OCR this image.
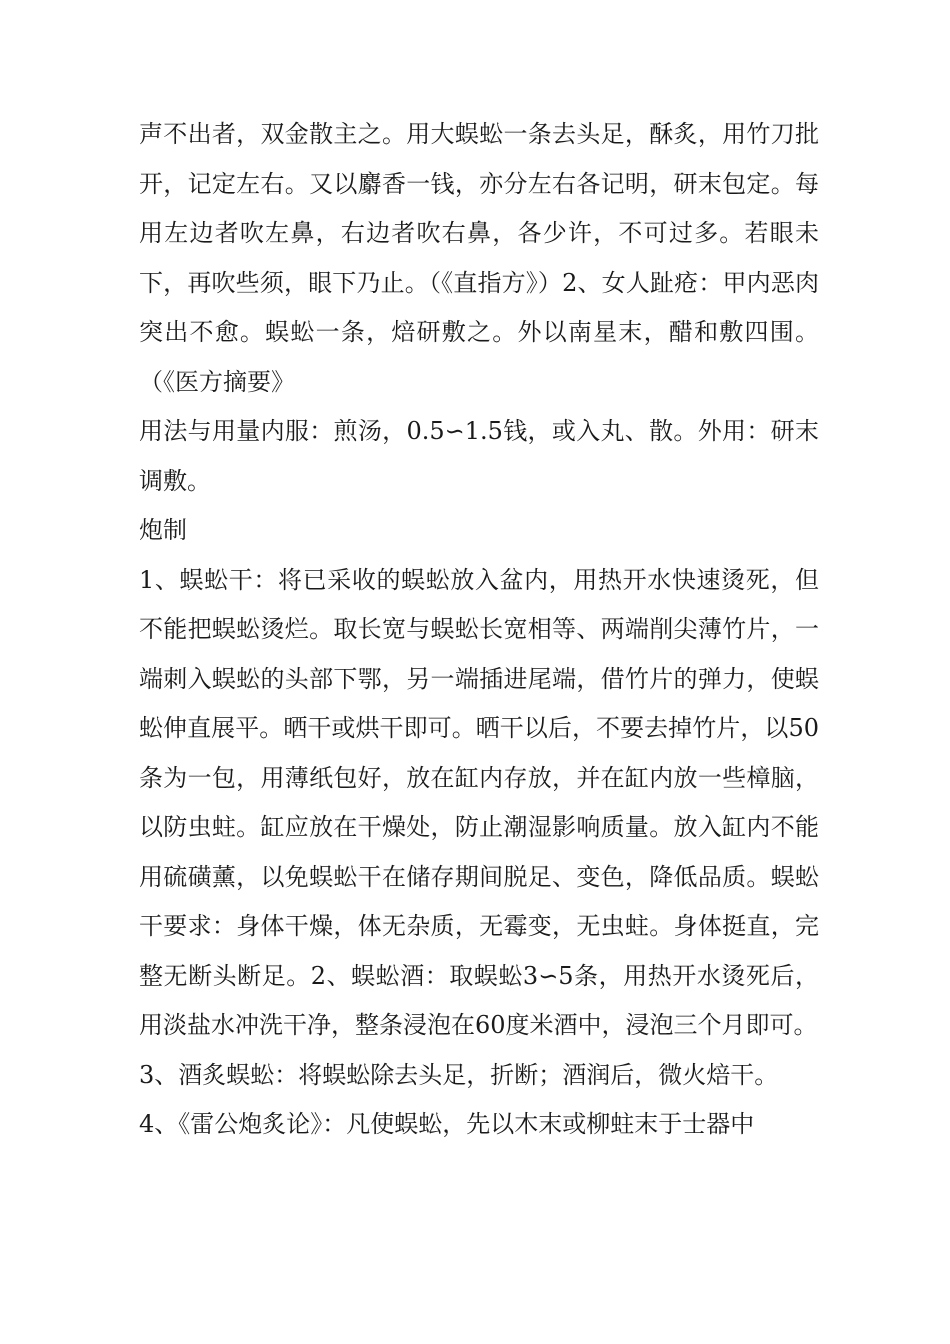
声不出者，双金散主之。用大蜈蚣一条去头足，酥炙，用竹刀批开，记定左右。又以麝香一钱，亦分左右各记明，研末包定。每用左边者吹左鼻，右边者吹右鼻，各少许，不可过多。若眼未下，再吹些须，眼下乃止。（《直指方》）2、女人趾疮：甲内恶肉突出不愈。蜈蚣一条，焙研敷之。外以南星末，醋和敷四围。（《医方摘要》

用法与用量内服：煎汤，0.5∽1.5钱，或入丸、散。外用：研末调敷。

炮制

1、蜈蚣干：将已采收的蜈蚣放入盆内，用热开水快速烫死，但不能把蜈蚣烫烂。取长宽与蜈蚣长宽相等、两端削尖薄竹片，一端刺入蜈蚣的头部下鄂，另一端插进尾端，借竹片的弹力，使蜈蚣伸直展平。晒干或烘干即可。晒干以后，不要去掉竹片，以50条为一包，用薄纸包好，放在缸内存放，并在缸内放一些樟脑，以防虫蛀。缸应放在干燥处，防止潮湿影响质量。放入缸内不能用硫磺薰，以免蜈蚣干在储存期间脱足、变色，降低品质。蜈蚣干要求：身体干燥，体无杂质，无霉变，无虫蛀。身体挺直，完整无断头断足。2、蜈蚣酒：取蜈蚣3∽5条，用热开水烫死后，用淡盐水冲洗干净，整条浸泡在60度米酒中，浸泡三个月即可。

3、酒炙蜈蚣：将蜈蚣除去头足，折断；酒润后，微火焙干。

4、《雷公炮炙论》：凡使蜈蚣，先以木末或柳蛀末于士器中
